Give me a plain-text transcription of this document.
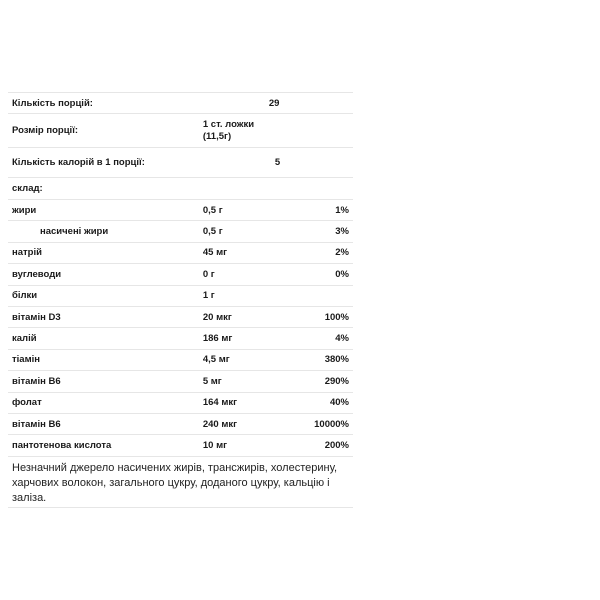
Кількість порцій:	29	
Розмір порції:	1 ст. ложки
(11,5г)	

Кількість калорій в 1 порції:	5	
склад:		
жири	0,5 г	1%
насичені жири	0,5 г	3%
натрій	45 мг	2%
вуглеводи	0 г	0%
білки	1 г	
вітамін D3	20 мкг	100%
калій	186 мг	4%
тіамін	4,5 мг	380%
вітамін B6	5 мг	290%
фолат	164 мкг	40%
вітамін B6	240 мкг	10000%
пантотенова кислота	10 мг	200%
Незначний джерело насичених жирів, трансжирів, холестерину, харчових волокон, загального цукру, доданого цукру, кальцію і заліза.
